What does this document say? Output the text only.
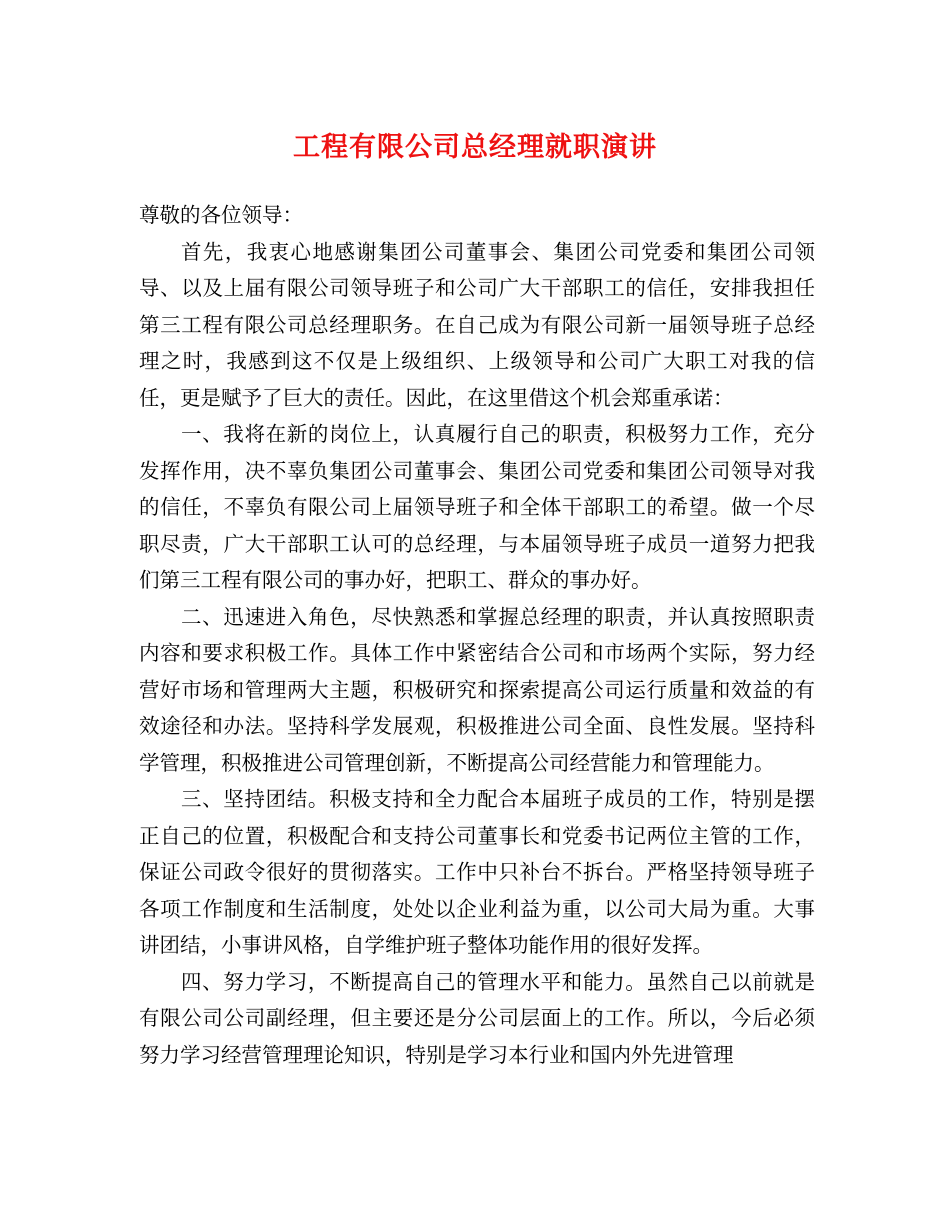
工程有限公司总经理就职演讲

尊敬的各位领导：

首先，我衷心地感谢集团公司董事会、集团公司党委和集团公司领导、以及上届有限公司领导班子和公司广大干部职工的信任，安排我担任第三工程有限公司总经理职务。在自己成为有限公司新一届领导班子总经理之时，我感到这不仅是上级组织、上级领导和公司广大职工对我的信任，更是赋予了巨大的责任。因此，在这里借这个机会郑重承诺：

一、我将在新的岗位上，认真履行自己的职责，积极努力工作，充分发挥作用，决不辜负集团公司董事会、集团公司党委和集团公司领导对我的信任，不辜负有限公司上届领导班子和全体干部职工的希望。做一个尽职尽责，广大干部职工认可的总经理，与本届领导班子成员一道努力把我们第三工程有限公司的事办好，把职工、群众的事办好。

二、迅速进入角色，尽快熟悉和掌握总经理的职责，并认真按照职责内容和要求积极工作。具体工作中紧密结合公司和市场两个实际，努力经营好市场和管理两大主题，积极研究和探索提高公司运行质量和效益的有效途径和办法。坚持科学发展观，积极推进公司全面、良性发展。坚持科学管理，积极推进公司管理创新，不断提高公司经营能力和管理能力。

三、坚持团结。积极支持和全力配合本届班子成员的工作，特别是摆正自己的位置，积极配合和支持公司董事长和党委书记两位主管的工作，保证公司政令很好的贯彻落实。工作中只补台不拆台。严格坚持领导班子各项工作制度和生活制度，处处以企业利益为重，以公司大局为重。大事讲团结，小事讲风格，自学维护班子整体功能作用的很好发挥。

四、努力学习，不断提高自己的管理水平和能力。虽然自己以前就是有限公司公司副经理，但主要还是分公司层面上的工作。所以，今后必须努力学习经营管理理论知识，特别是学习本行业和国内外先进管理
